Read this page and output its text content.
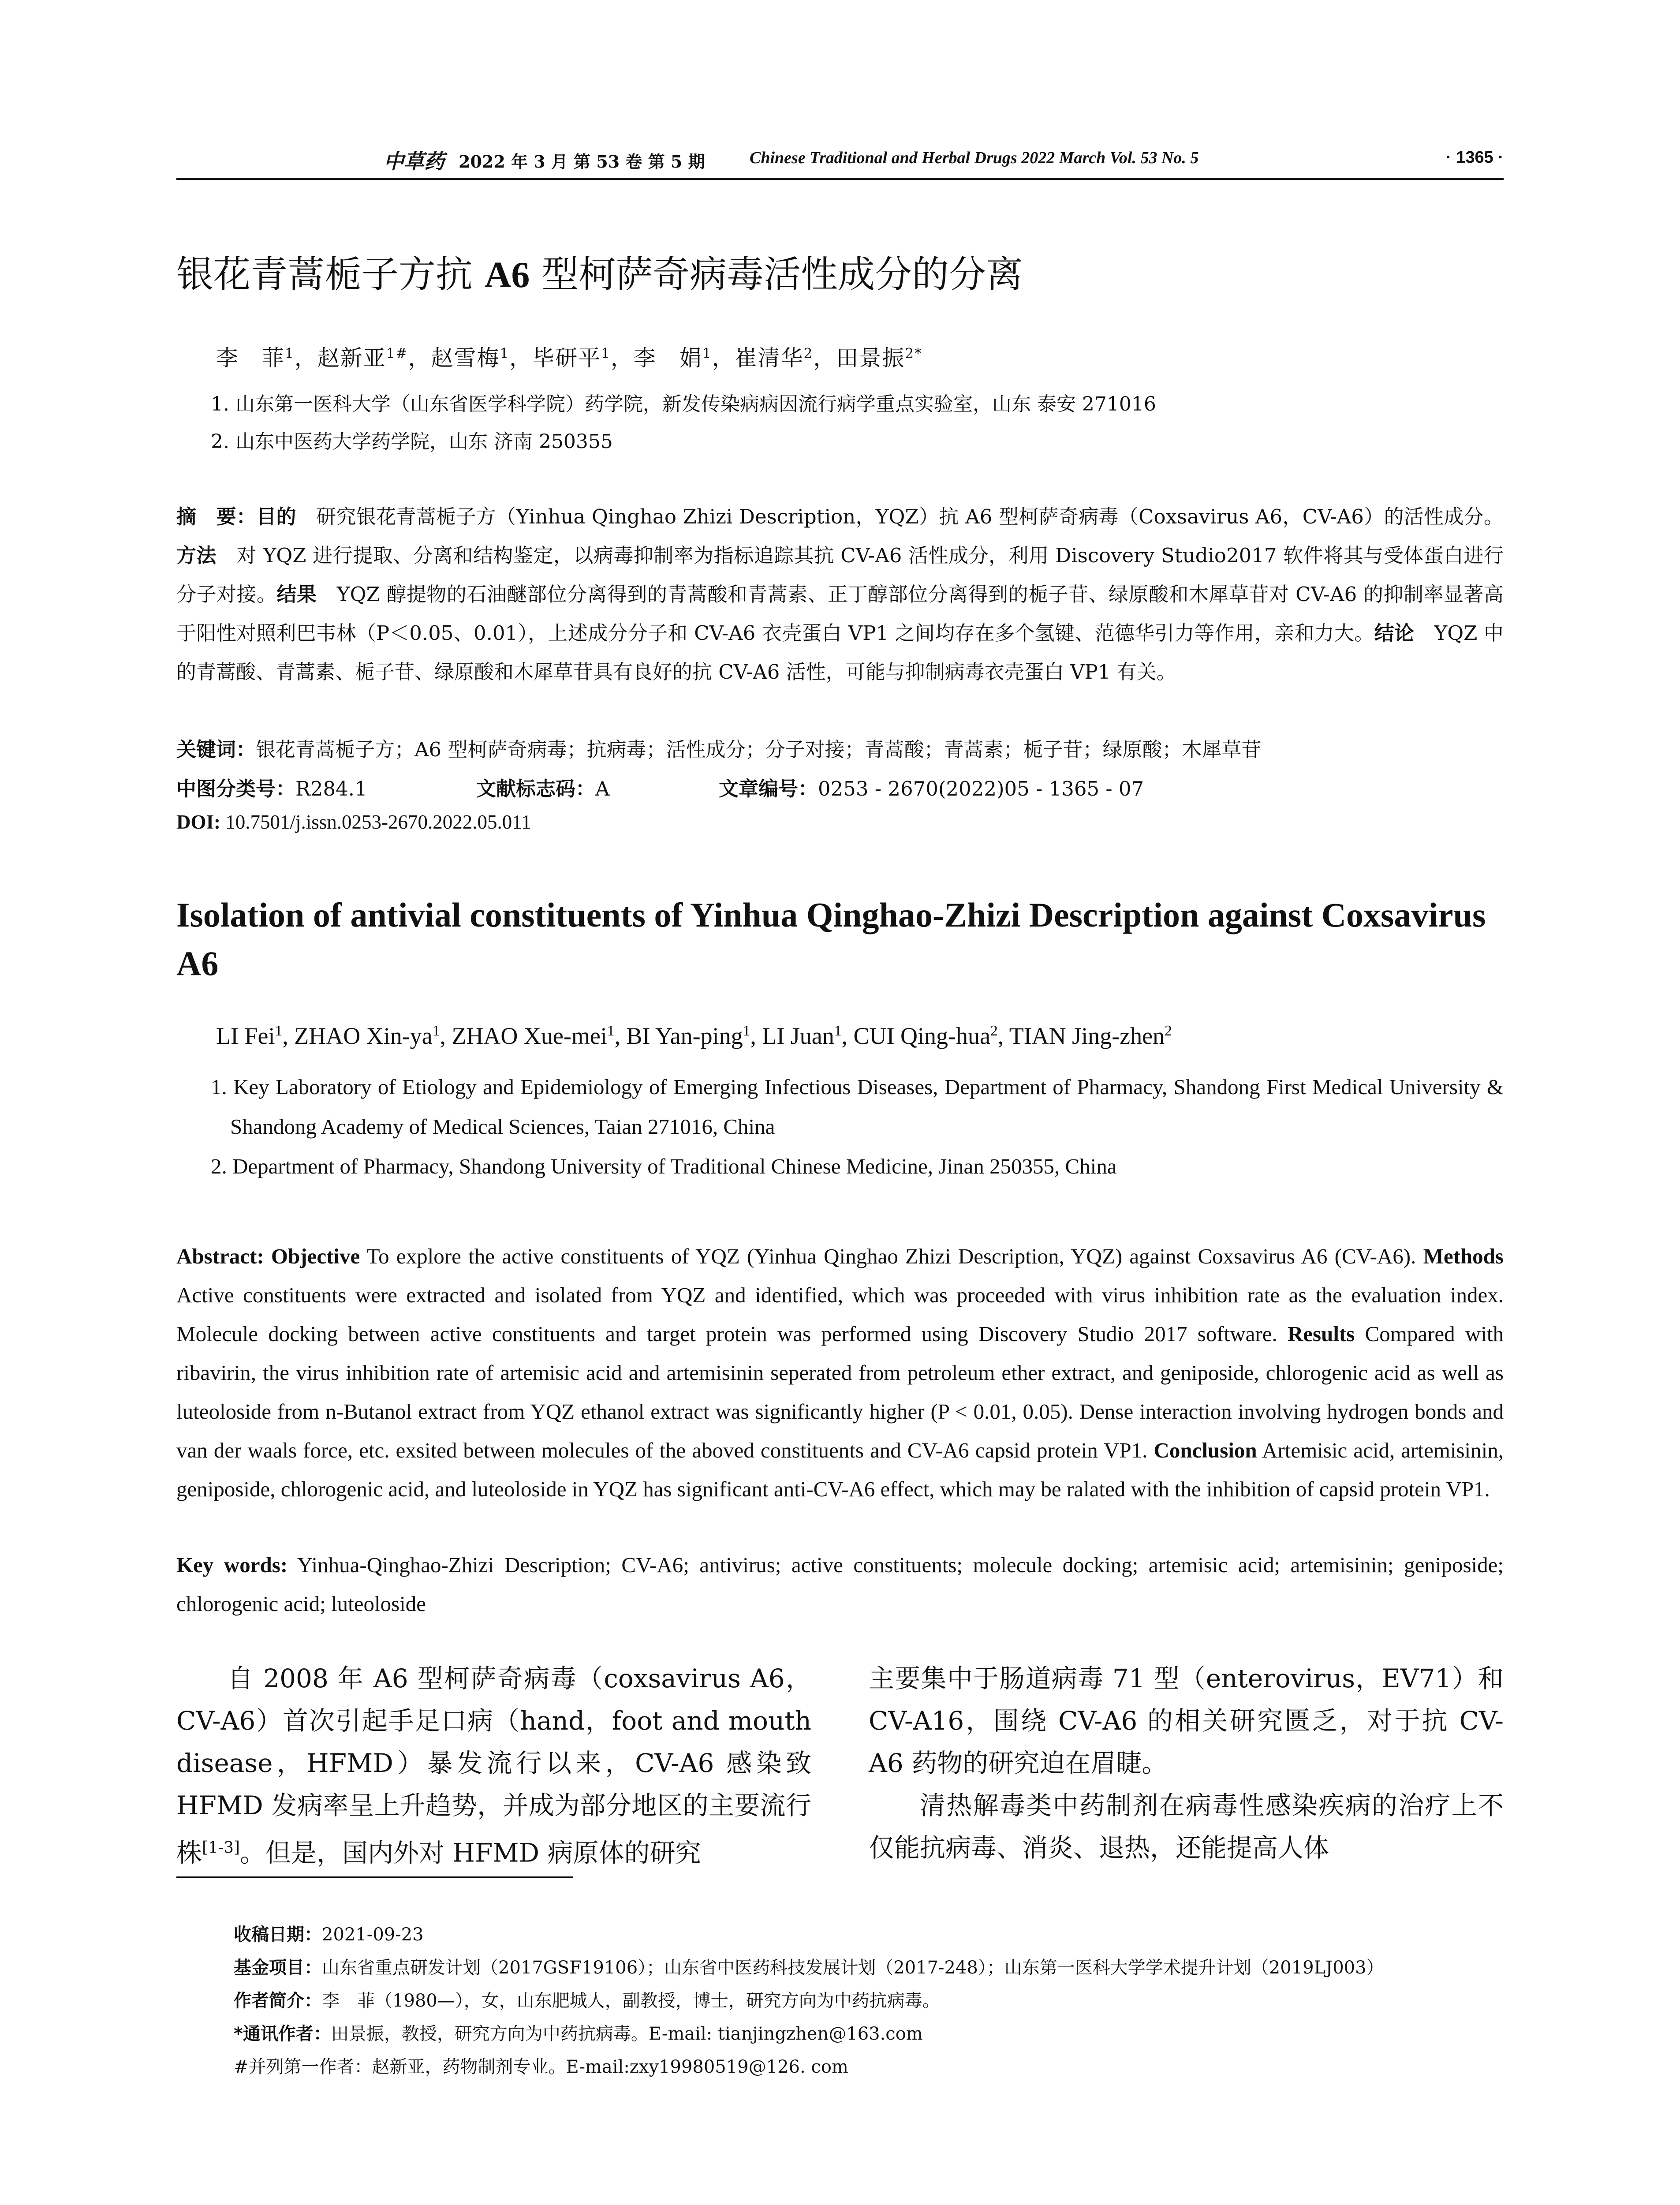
中草药 2022 年 3 月 第 53 卷 第 5 期	Chinese Traditional and Herbal Drugs 2022 March Vol. 53 No. 5	· 1365 ·
银花青蒿栀子方抗 A6 型柯萨奇病毒活性成分的分离
李　菲$^1$，赵新亚$^{1\#}$，赵雪梅$^1$，毕研平$^1$，李　娟$^1$，崔清华$^2$，田景振$^{2*}$
1. 山东第一医科大学（山东省医学科学院）药学院，新发传染病病因流行病学重点实验室，山东 泰安 271016
2. 山东中医药大学药学院，山东 济南 250355
摘　要：目的　研究银花青蒿栀子方（Yinhua Qinghao Zhizi Description，YQZ）抗 A6 型柯萨奇病毒（Coxsavirus A6，CV-A6）的活性成分。方法　对 YQZ 进行提取、分离和结构鉴定，以病毒抑制率为指标追踪其抗 CV-A6 活性成分，利用 Discovery Studio2017 软件将其与受体蛋白进行分子对接。结果　YQZ 醇提物的石油醚部位分离得到的青蒿酸和青蒿素、正丁醇部位分离得到的栀子苷、绿原酸和木犀草苷对 CV-A6 的抑制率显著高于阳性对照利巴韦林（P＜0.05、0.01），上述成分分子和 CV-A6 衣壳蛋白 VP1 之间均存在多个氢键、范德华引力等作用，亲和力大。结论　YQZ 中的青蒿酸、青蒿素、栀子苷、绿原酸和木犀草苷具有良好的抗 CV-A6 活性，可能与抑制病毒衣壳蛋白 VP1 有关。
关键词：银花青蒿栀子方；A6 型柯萨奇病毒；抗病毒；活性成分；分子对接；青蒿酸；青蒿素；栀子苷；绿原酸；木犀草苷
中图分类号：R284.1	文献标志码：A	文章编号：0253 - 2670(2022)05 - 1365 - 07
DOI: 10.7501/j.issn.0253-2670.2022.05.011
Isolation of antivial constituents of Yinhua Qinghao-Zhizi Description against Coxsavirus A6
LI Fei$^1$, ZHAO Xin-$ya^1$, ZHAO Xue-mei$^1$, BI Yan-ping$^1$, LI Juan$^1$, CUI Qing-hua$^2$, TIAN Jing-zhen$^2$
1. Key Laboratory of Etiology and Epidemiology of Emerging Infectious Diseases, Department of Pharmacy, Shandong First Medical University & Shandong Academy of Medical Sciences, Taian 271016, China
2. Department of Pharmacy, Shandong University of Traditional Chinese Medicine, Jinan 250355, China
Abstract: Objective To explore the active constituents of YQZ (Yinhua Qinghao Zhizi Description, YQZ) against Coxsavirus A6 (CV-A6). Methods Active constituents were extracted and isolated from YQZ and identified, which was proceeded with virus inhibition rate as the evaluation index. Molecule docking between active constituents and target protein was performed using Discovery Studio 2017 software. Results Compared with ribavirin, the virus inhibition rate of artemisic acid and artemisinin seperated from petroleum ether extract, and geniposide, chlorogenic acid as well as luteoloside from n-Butanol extract from YQZ ethanol extract was significantly higher (P < 0.01, 0.05). Dense interaction involving hydrogen bonds and van der waals force, etc. exsited between molecules of the aboved constituents and CV-A6 capsid protein VP1. Conclusion Artemisic acid, artemisinin, geniposide, chlorogenic acid, and luteoloside in YQZ has significant anti-CV-A6 effect, which may be ralated with the inhibition of capsid protein VP1.
Key words: Yinhua-Qinghao-Zhizi Description; CV-A6; antivirus; active constituents; molecule docking; artemisic acid; artemisinin; geniposide; chlorogenic acid; luteoloside

自 2008 年 A6 型柯萨奇病毒（coxsavirus A6，CV-A6）首次引起手足口病（hand，foot and mouth disease，HFMD）暴发流行以来，CV-A6 感染致 HFMD 发病率呈上升趋势，并成为部分地区的主要流行株[1-3]。但是，国内外对 HFMD 病原体的研究

主要集中于肠道病毒 71 型（enterovirus，EV71）和 CV-A16，围绕 CV-A6 的相关研究匮乏，对于抗 CV-A6 药物的研究迫在眉睫。

清热解毒类中药制剂在病毒性感染疾病的治疗上不仅能抗病毒、消炎、退热，还能提高人体

收稿日期：2021-09-23
基金项目：山东省重点研发计划（2017GSF19106）；山东省中医药科技发展计划（2017-248）；山东第一医科大学学术提升计划（2019LJ003）
作者简介：李　菲（1980—），女，山东肥城人，副教授，博士，研究方向为中药抗病毒。
*通讯作者：田景振，教授，研究方向为中药抗病毒。E-mail: tianjingzhen@163.com
#并列第一作者：赵新亚，药物制剂专业。E-mail:zxy19980519@126. com
